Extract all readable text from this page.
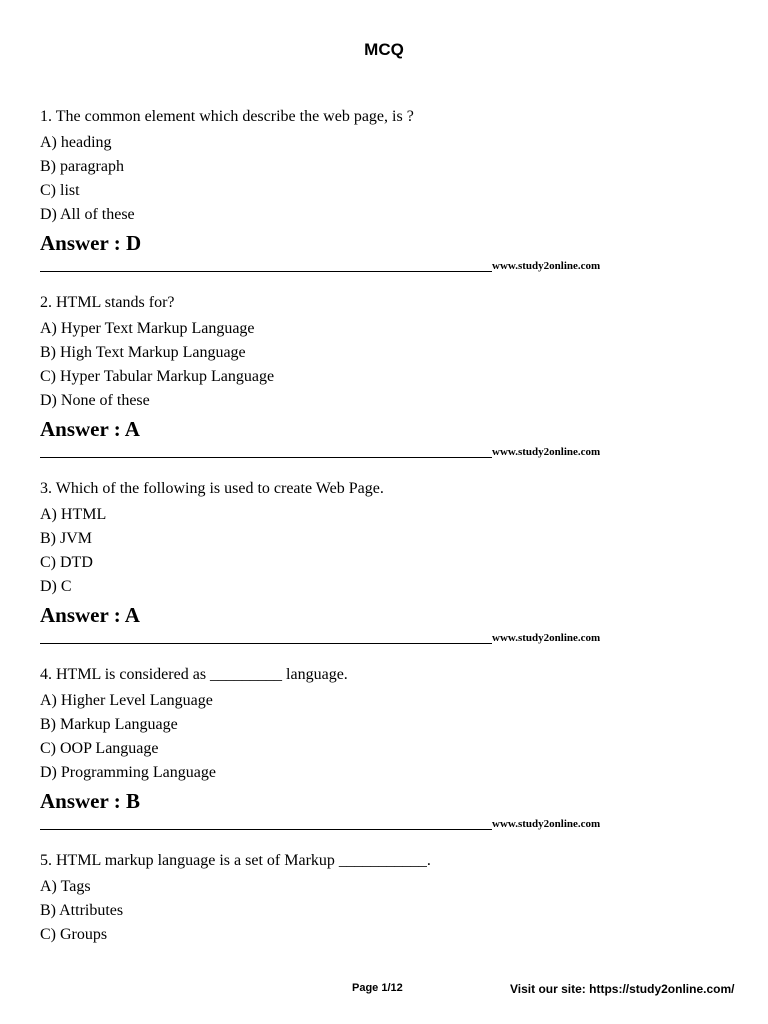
MCQ
1. The common element which describe the web page, is ?
A) heading
B) paragraph
C) list
D) All of these
Answer : D
www.study2online.com
2. HTML stands for?
A) Hyper Text Markup Language
B) High Text Markup Language
C) Hyper Tabular Markup Language
D) None of these
Answer : A
www.study2online.com
3. Which of the following is used to create Web Page.
A) HTML
B) JVM
C) DTD
D) C
Answer : A
www.study2online.com
4. HTML is considered as _________ language.
A) Higher Level Language
B) Markup Language
C) OOP Language
D) Programming Language
Answer : B
www.study2online.com
5. HTML markup language is a set of Markup ___________.
A) Tags
B) Attributes
C) Groups
Page 1/12	Visit our site: https://study2online.com/
